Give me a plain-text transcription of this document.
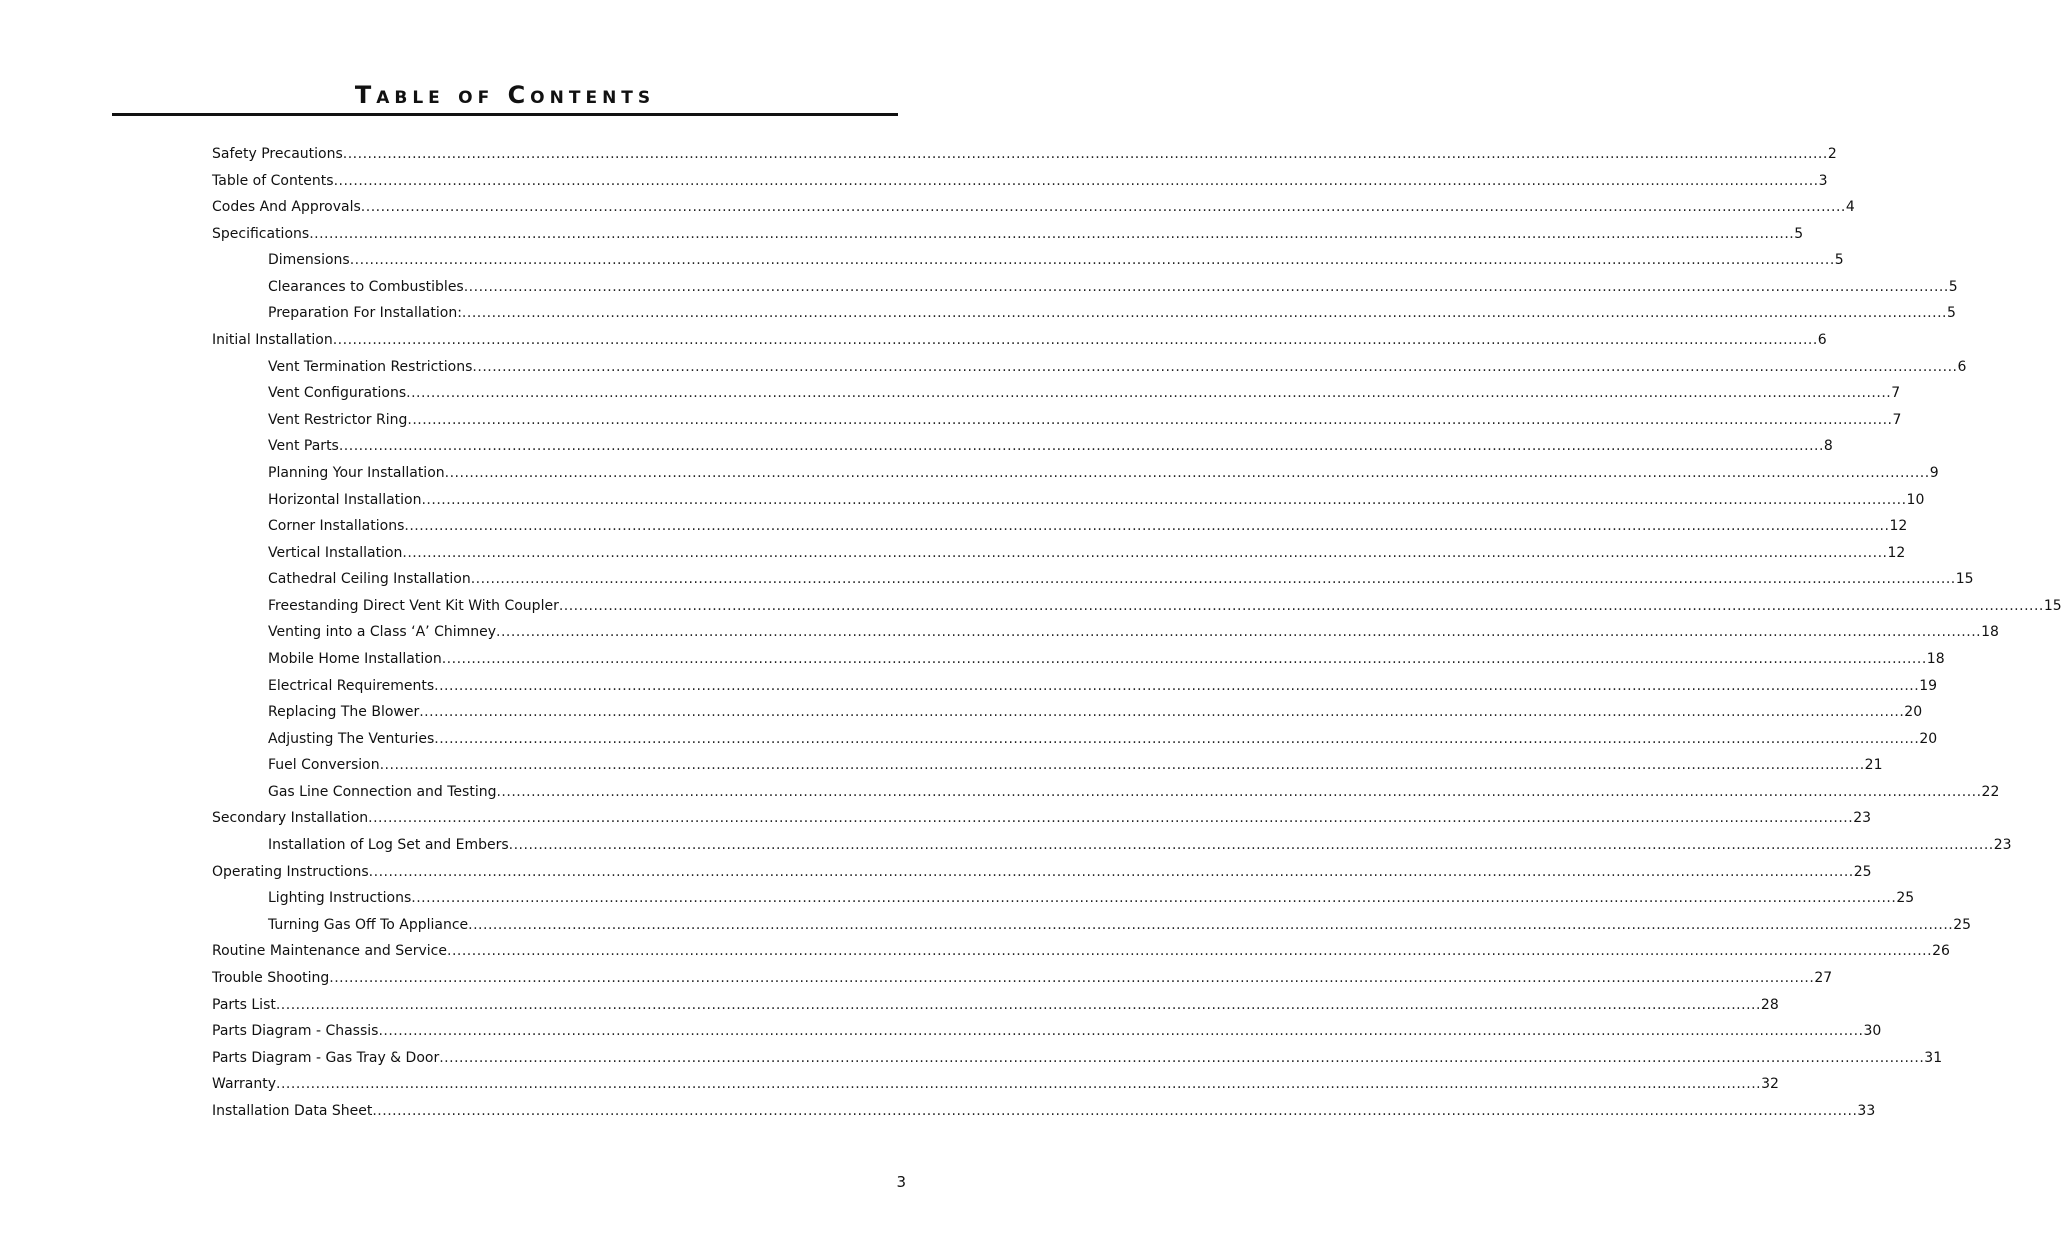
Table of Contents
Safety Precautions ............................................................................................................................................................................................................................................................................................................ 2
Table of Contents ............................................................................................................................................................................................................................................................................................................ 3
Codes And Approvals ............................................................................................................................................................................................................................................................................................................ 4
Specifications ............................................................................................................................................................................................................................................................................................................ 5
Dimensions ............................................................................................................................................................................................................................................................................................................ 5
Clearances to Combustibles ............................................................................................................................................................................................................................................................................................................ 5
Preparation For Installation: ............................................................................................................................................................................................................................................................................................................ 5
Initial Installation ............................................................................................................................................................................................................................................................................................................ 6
Vent Termination Restrictions ............................................................................................................................................................................................................................................................................................................ 6
Vent Configurations ............................................................................................................................................................................................................................................................................................................ 7
Vent Restrictor Ring ............................................................................................................................................................................................................................................................................................................ 7
Vent Parts ............................................................................................................................................................................................................................................................................................................ 8
Planning Your Installation ............................................................................................................................................................................................................................................................................................................ 9
Horizontal Installation ............................................................................................................................................................................................................................................................................................................ 10
Corner Installations ............................................................................................................................................................................................................................................................................................................ 12
Vertical Installation ............................................................................................................................................................................................................................................................................................................ 12
Cathedral Ceiling Installation ............................................................................................................................................................................................................................................................................................................ 15
Freestanding Direct Vent Kit With Coupler ............................................................................................................................................................................................................................................................................................................ 15
Venting into a Class ‘A’ Chimney ............................................................................................................................................................................................................................................................................................................ 18
Mobile Home Installation ............................................................................................................................................................................................................................................................................................................ 18
Electrical Requirements ............................................................................................................................................................................................................................................................................................................ 19
Replacing The Blower ............................................................................................................................................................................................................................................................................................................ 20
Adjusting The Venturies ............................................................................................................................................................................................................................................................................................................ 20
Fuel Conversion ............................................................................................................................................................................................................................................................................................................ 21
Gas Line Connection and Testing ............................................................................................................................................................................................................................................................................................................ 22
Secondary Installation ............................................................................................................................................................................................................................................................................................................ 23
Installation of Log Set and Embers ............................................................................................................................................................................................................................................................................................................ 23
Operating Instructions ............................................................................................................................................................................................................................................................................................................ 25
Lighting Instructions ............................................................................................................................................................................................................................................................................................................ 25
Turning Gas Off To Appliance ............................................................................................................................................................................................................................................................................................................ 25
Routine Maintenance and Service ............................................................................................................................................................................................................................................................................................................ 26
Trouble Shooting ............................................................................................................................................................................................................................................................................................................ 27
Parts List ............................................................................................................................................................................................................................................................................................................ 28
Parts Diagram - Chassis ............................................................................................................................................................................................................................................................................................................ 30
Parts Diagram - Gas Tray & Door ............................................................................................................................................................................................................................................................................................................ 31
Warranty ............................................................................................................................................................................................................................................................................................................ 32
Installation Data Sheet ............................................................................................................................................................................................................................................................................................................ 33
3
